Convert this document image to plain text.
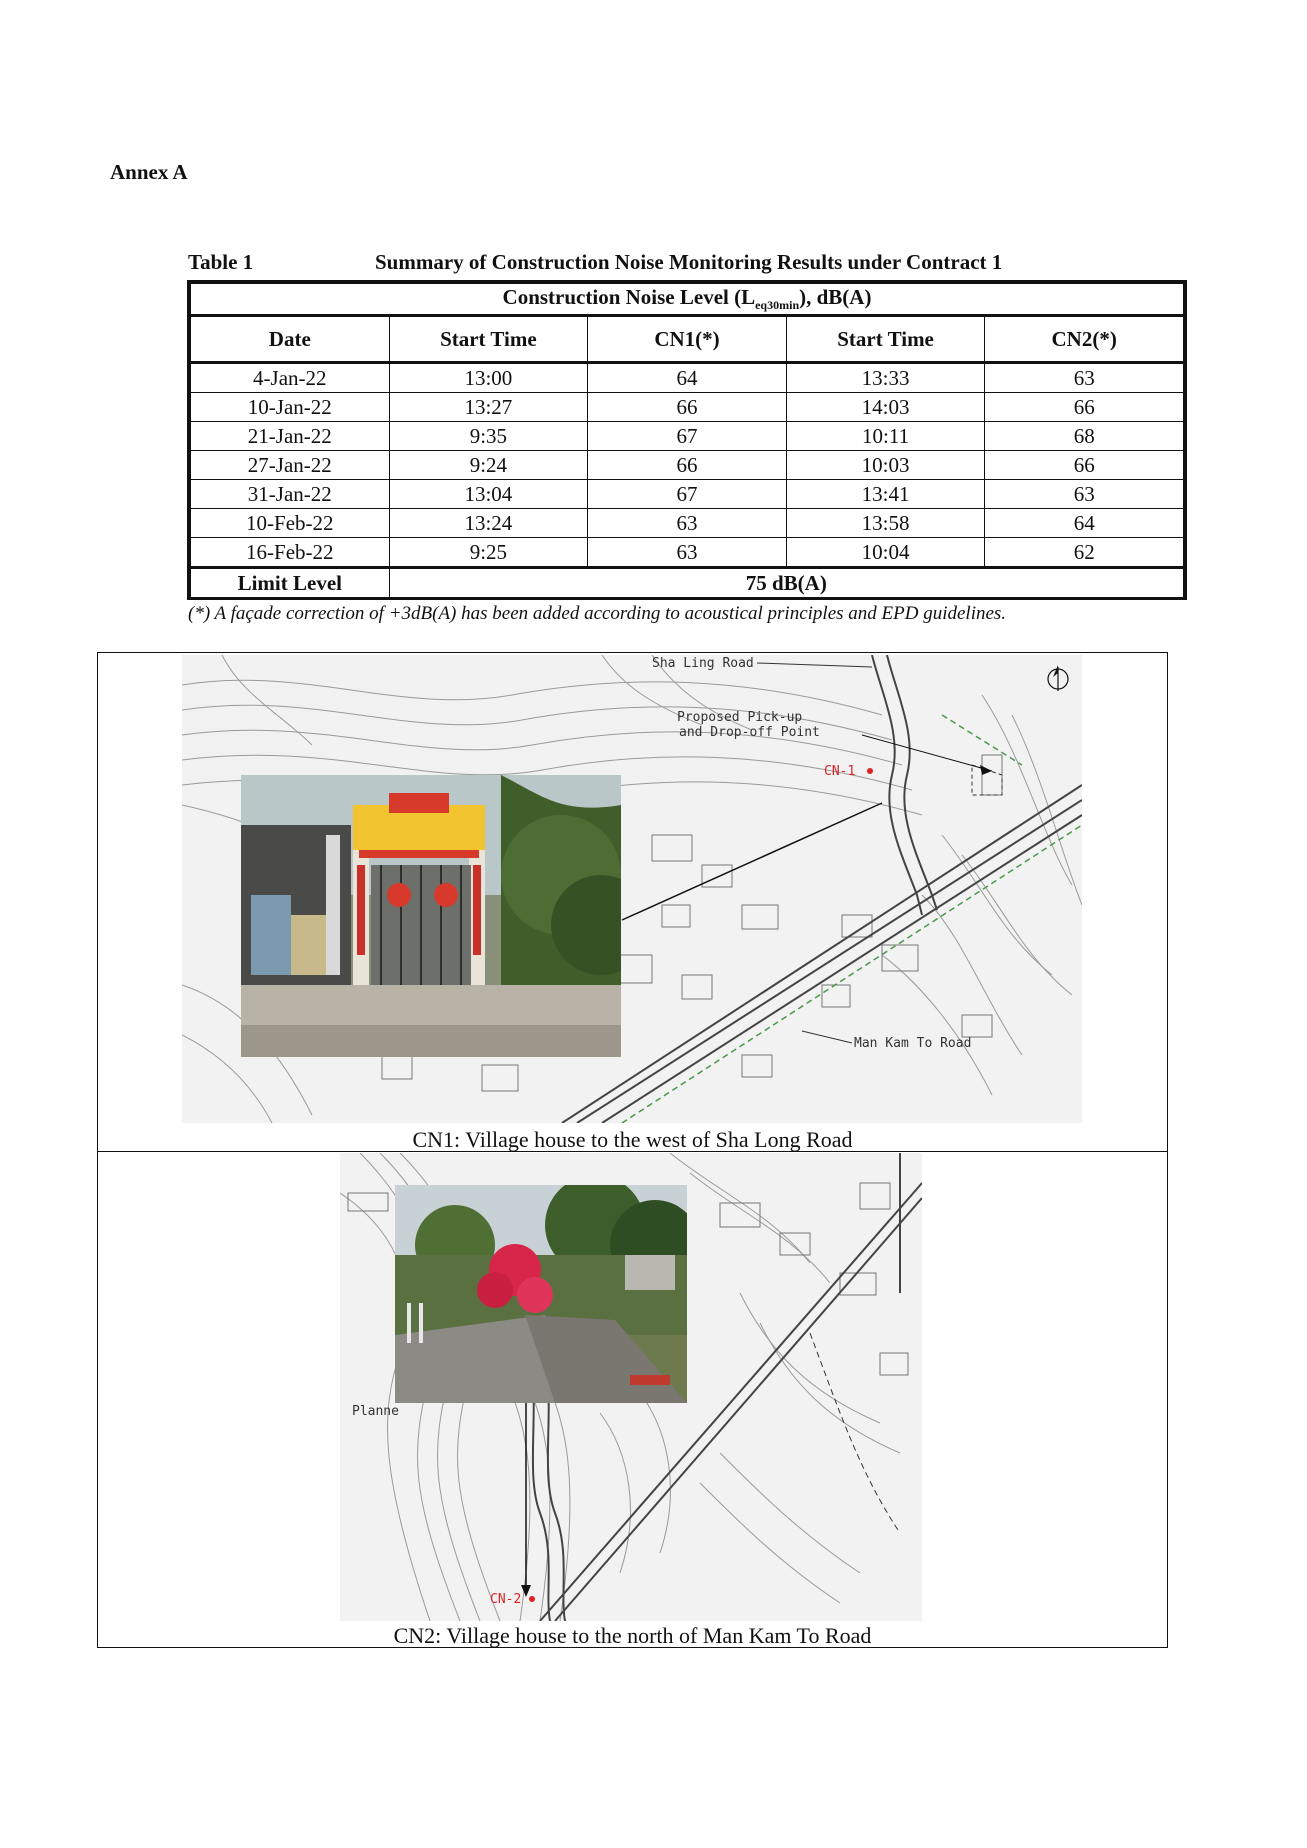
Annex A
Table 1	Summary of Construction Noise Monitoring Results under Contract 1
Construction Noise Level $(L_{eq30min})$, dB(A)				
Date	Start Time	CN1(*)	Start Time	CN2(*)
4-Jan-22	13:00	64	13:33	63
10-Jan-22	13:27	66	14:03	66
21-Jan-22	9:35	67	10:11	68
27-Jan-22	9:24	66	10:03	66
31-Jan-22	13:04	67	13:41	63
10-Feb-22	13:24	63	13:58	64
16-Feb-22	9:25	63	10:04	62
Limit Level	75 dB(A)			
(*) A façade correction of +3dB(A) has been added according to acoustical principles and EPD guidelines.
Sha Ling Road
Proposed Pick-up
and Drop-off Point
CN-1
Man Kam To Road
CN1: Village house to the west of Sha Long Road
CN-2
Planne
CN2: Village house to the north of Man Kam To Road
